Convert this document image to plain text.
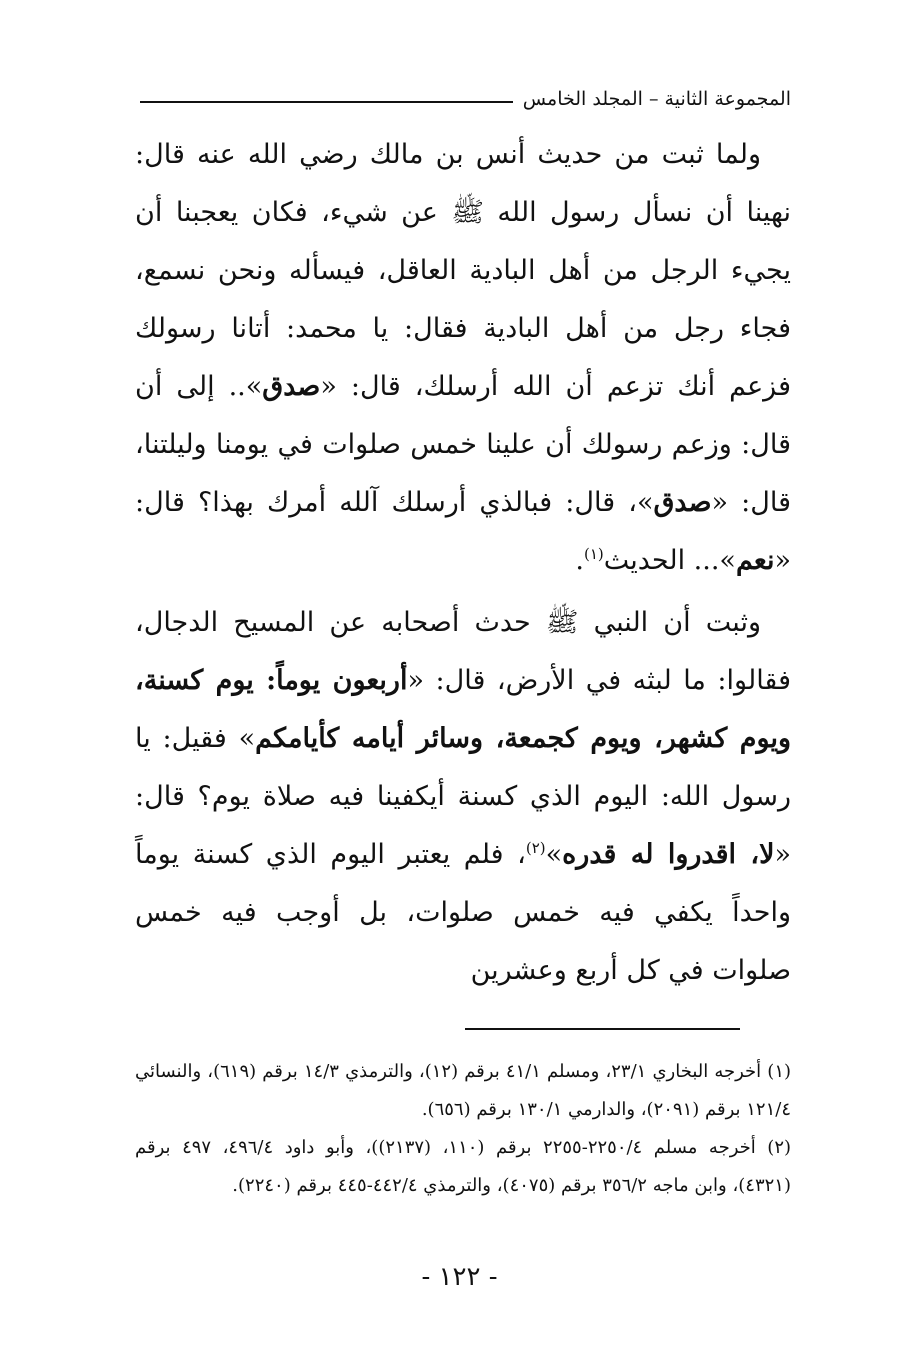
المجموعة الثانية – المجلد الخامس

ولما ثبت من حديث أنس بن مالك رضي الله عنه قال: نهينا أن نسأل رسول الله ﷺ عن شيء، فكان يعجبنا أن يجيء الرجل من أهل البادية العاقل، فيسأله ونحن نسمع، فجاء رجل من أهل البادية فقال: يا محمد: أتانا رسولك فزعم أنك تزعم أن الله أرسلك، قال: «صدق».. إلى أن قال: وزعم رسولك أن علينا خمس صلوات في يومنا وليلتنا، قال: «صدق»، قال: فبالذي أرسلك آلله أمرك بهذا؟ قال: «نعم»... الحديث$^{(١)}$.

وثبت أن النبي ﷺ حدث أصحابه عن المسيح الدجال، فقالوا: ما لبثه في الأرض، قال: «أربعون يوماً: يوم كسنة، ويوم كشهر، ويوم كجمعة، وسائر أيامه كأيامكم» فقيل: يا رسول الله: اليوم الذي كسنة أيكفينا فيه صلاة يوم؟ قال: «لا، اقدروا له قدره»$^{(٢)}$، فلم يعتبر اليوم الذي كسنة يوماً واحداً يكفي فيه خمس صلوات، بل أوجب فيه خمس صلوات في كل أربع وعشرين

(١) أخرجه البخاري ٢٣/١، ومسلم ٤١/١ برقم (١٢)، والترمذي ١٤/٣ برقم (٦١٩)، والنسائي ١٢١/٤ برقم (٢٠٩١)، والدارمي ١٣٠/١ برقم (٦٥٦).

(٢) أخرجه مسلم ٢٢٥٠/٤-٢٢٥٥ برقم (١١٠، (٢١٣٧))، وأبو داود ٤٩٦/٤، ٤٩٧ برقم (٤٣٢١)، وابن ماجه ٣٥٦/٢ برقم (٤٠٧٥)، والترمذي ٤٤٢/٤-٤٤٥ برقم (٢٢٤٠).

- ١٢٢ -
